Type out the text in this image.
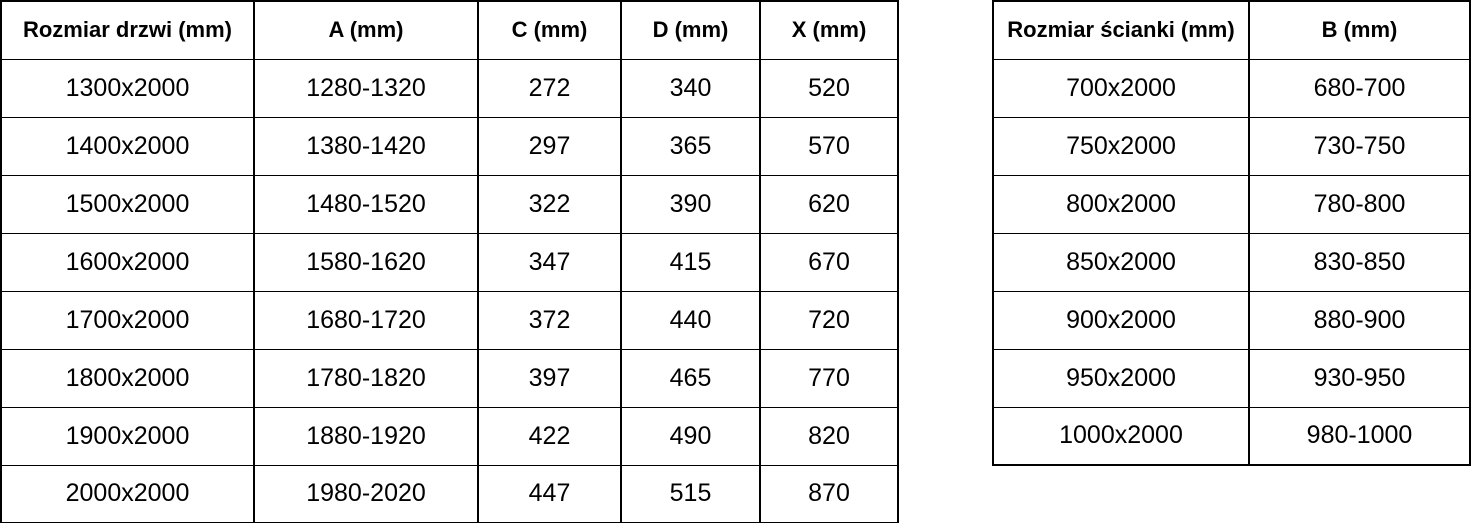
Rozmiar drzwi (mm)	A (mm)	C (mm)	D (mm)	X (mm)
1300x2000	1280-1320	272	340	520
1400x2000	1380-1420	297	365	570
1500x2000	1480-1520	322	390	620
1600x2000	1580-1620	347	415	670
1700x2000	1680-1720	372	440	720
1800x2000	1780-1820	397	465	770
1900x2000	1880-1920	422	490	820
2000x2000	1980-2020	447	515	870
Rozmiar ścianki (mm)	B (mm)
700x2000	680-700
750x2000	730-750
800x2000	780-800
850x2000	830-850
900x2000	880-900
950x2000	930-950
1000x2000	980-1000
